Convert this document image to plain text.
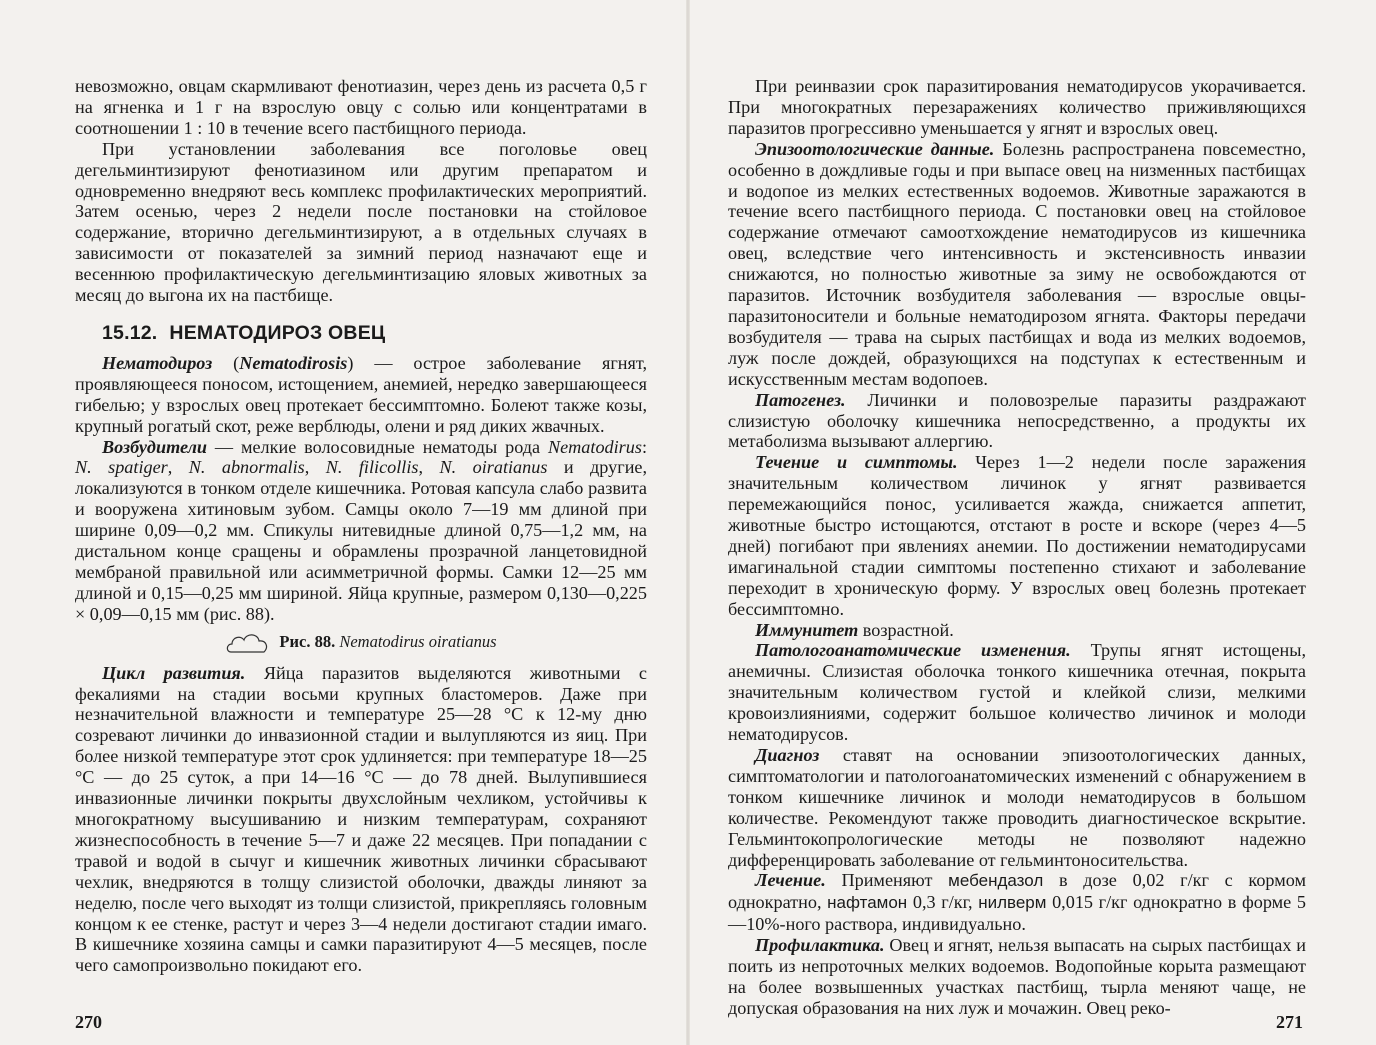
невозможно, овцам скармливают фенотиазин, через день из расчета 0,5 г на ягненка и 1 г на взрослую овцу с солью или концентратами в соотношении 1 : 10 в течение всего пастбищного периода.

При установлении заболевания все поголовье овец дегельминтизируют фенотиазином или другим препаратом и одновременно внедряют весь комплекс профилактических мероприятий. Затем осенью, через 2 недели после постановки на стойловое содержание, вторично дегельминтизируют, а в отдельных случаях в зависимости от показателей за зимний период назначают еще и весеннюю профилактическую дегельминтизацию яловых животных за месяц до выгона их на пастбище.

15.12. НЕМАТОДИРОЗ ОВЕЦ

Нематодироз (Nematodirosis) — острое заболевание ягнят, проявляющееся поносом, истощением, анемией, нередко завершающееся гибелью; у взрослых овец протекает бессимптомно. Болеют также козы, крупный рогатый скот, реже верблюды, олени и ряд диких жвачных.

Возбудители — мелкие волосовидные нематоды рода Nematodirus: N. spatiger, N. abnormalis, N. filicollis, N. oiratianus и другие, локализуются в тонком отделе кишечника. Ротовая капсула слабо развита и вооружена хитиновым зубом. Самцы около 7—19 мм длиной при ширине 0,09—0,2 мм. Спикулы нитевидные длиной 0,75—1,2 мм, на дистальном конце сращены и обрамлены прозрачной ланцетовидной мембраной правильной или асимметричной формы. Самки 12—25 мм длиной и 0,15—0,25 мм шириной. Яйца крупные, размером 0,130—0,225 × 0,09—0,15 мм (рис. 88).

Рис. 88. Nematodirus oiratianus

Цикл развития. Яйца паразитов выделяются животными с фекалиями на стадии восьми крупных бластомеров. Даже при незначительной влажности и температуре 25—28 °С к 12-му дню созревают личинки до инвазионной стадии и вылупляются из яиц. При более низкой температуре этот срок удлиняется: при температуре 18—25 °С — до 25 суток, а при 14—16 °С — до 78 дней. Вылупившиеся инвазионные личинки покрыты двухслойным чехликом, устойчивы к многократному высушиванию и низким температурам, сохраняют жизнеспособность в течение 5—7 и даже 22 месяцев. При попадании с травой и водой в сычуг и кишечник животных личинки сбрасывают чехлик, внедряются в толщу слизистой оболочки, дважды линяют за неделю, после чего выходят из толщи слизистой, прикрепляясь головным концом к ее стенке, растут и через 3—4 недели достигают стадии имаго. В кишечнике хозяина самцы и самки паразитируют 4—5 месяцев, после чего самопроизвольно покидают его.

270

При реинвазии срок паразитирования нематодирусов укорачивается. При многократных перезаражениях количество приживляющихся паразитов прогрессивно уменьшается у ягнят и взрослых овец.

Эпизоотологические данные. Болезнь распространена повсеместно, особенно в дождливые годы и при выпасе овец на низменных пастбищах и водопое из мелких естественных водоемов. Животные заражаются в течение всего пастбищного периода. С постановки овец на стойловое содержание отмечают самоотхождение нематодирусов из кишечника овец, вследствие чего интенсивность и экстенсивность инвазии снижаются, но полностью животные за зиму не освобождаются от паразитов. Источник возбудителя заболевания — взрослые овцы-паразитоносители и больные нематодирозом ягнята. Факторы передачи возбудителя — трава на сырых пастбищах и вода из мелких водоемов, луж после дождей, образующихся на подступах к естественным и искусственным местам водопоев.

Патогенез. Личинки и половозрелые паразиты раздражают слизистую оболочку кишечника непосредственно, а продукты их метаболизма вызывают аллергию.

Течение и симптомы. Через 1—2 недели после заражения значительным количеством личинок у ягнят развивается перемежающийся понос, усиливается жажда, снижается аппетит, животные быстро истощаются, отстают в росте и вскоре (через 4—5 дней) погибают при явлениях анемии. По достижении нематодирусами имагинальной стадии симптомы постепенно стихают и заболевание переходит в хроническую форму. У взрослых овец болезнь протекает бессимптомно.

Иммунитет возрастной.

Патологоанатомические изменения. Трупы ягнят истощены, анемичны. Слизистая оболочка тонкого кишечника отечная, покрыта значительным количеством густой и клейкой слизи, мелкими кровоизлияниями, содержит большое количество личинок и молоди нематодирусов.

Диагноз ставят на основании эпизоотологических данных, симптоматологии и патологоанатомических изменений с обнаружением в тонком кишечнике личинок и молоди нематодирусов в большом количестве. Рекомендуют также проводить диагностическое вскрытие. Гельминтокопрологические методы не позволяют надежно дифференцировать заболевание от гельминтоносительства.

Лечение. Применяют мебендазол в дозе 0,02 г/кг с кормом однократно, нафтамон 0,3 г/кг, нилверм 0,015 г/кг однократно в форме 5—10%-ного раствора, индивидуально.

Профилактика. Овец и ягнят, нельзя выпасать на сырых пастбищах и поить из непроточных мелких водоемов. Водопойные корыта размещают на более возвышенных участках пастбищ, тырла меняют чаще, не допуская образования на них луж и мочажин. Овец реко-

271
